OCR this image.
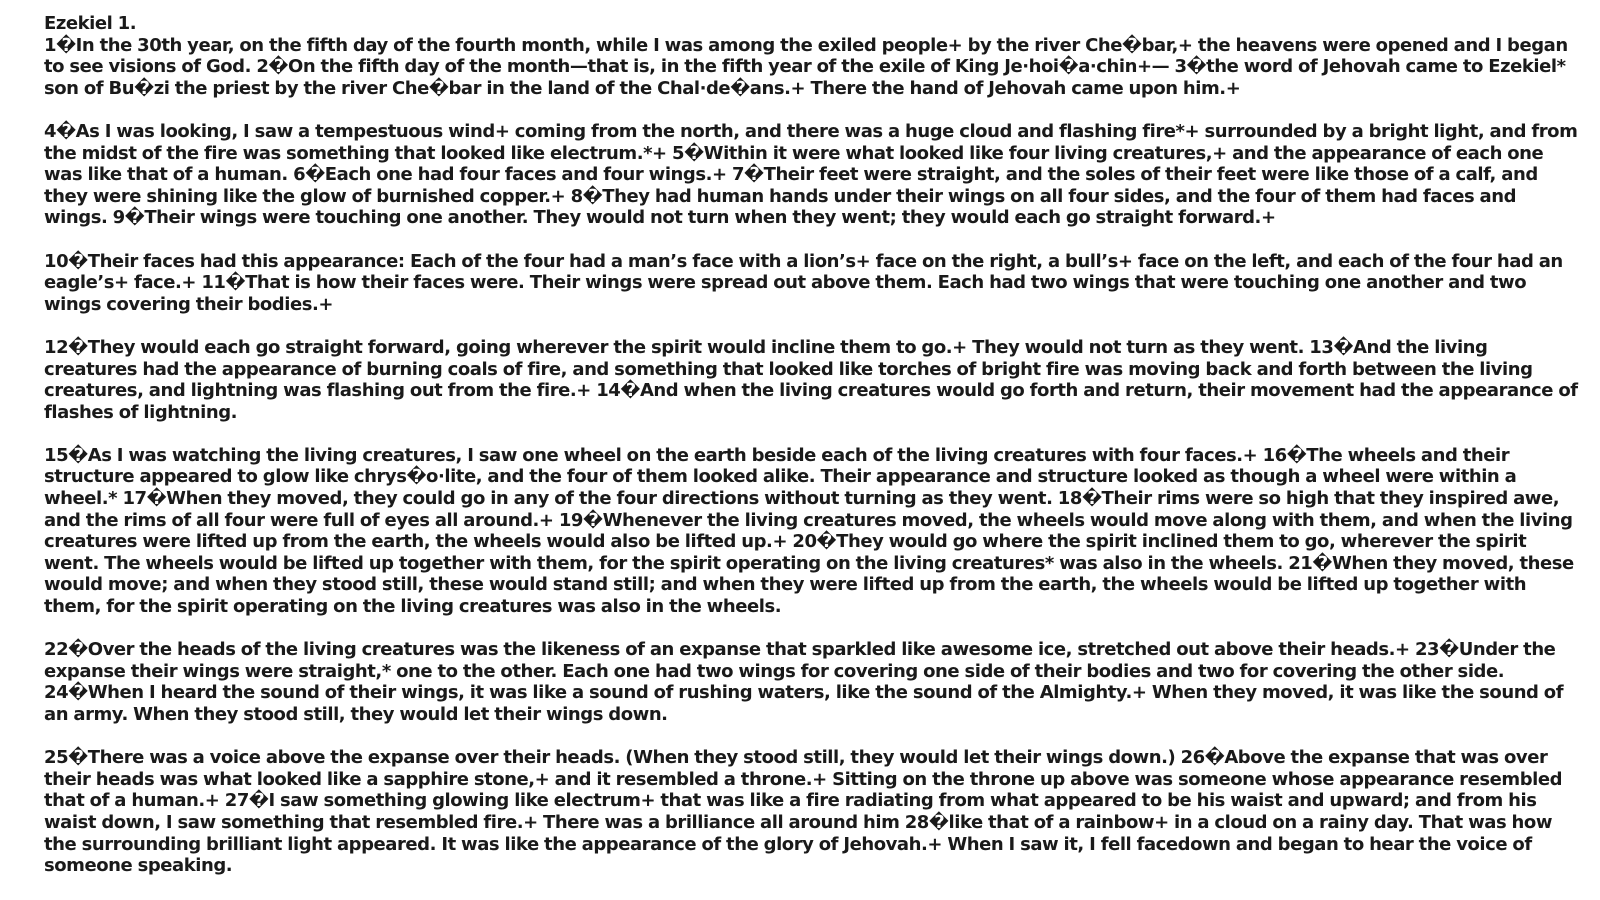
Ezekiel 1.

1�In the 30th year, on the fifth day of the fourth month, while I was among the exiled people+ by the river Che�bar,+ the heavens were opened and I began to see visions of God. 2�On the fifth day of the month—that is, in the fifth year of the exile of King Je·hoi�a·chin+— 3�the word of Jehovah came to Ezekiel* son of Bu�zi the priest by the river Che�bar in the land of the Chal·de�ans.+ There the hand of Jehovah came upon him.+

4�As I was looking, I saw a tempestuous wind+ coming from the north, and there was a huge cloud and flashing fire*+ surrounded by a bright light, and from the midst of the fire was something that looked like electrum.*+ 5�Within it were what looked like four living creatures,+ and the appearance of each one was like that of a human. 6�Each one had four faces and four wings.+ 7�Their feet were straight, and the soles of their feet were like those of a calf, and they were shining like the glow of burnished copper.+ 8�They had human hands under their wings on all four sides, and the four of them had faces and wings. 9�Their wings were touching one another. They would not turn when they went; they would each go straight forward.+

10�Their faces had this appearance: Each of the four had a man’s face with a lion’s+ face on the right, a bull’s+ face on the left, and each of the four had an eagle’s+ face.+ 11�That is how their faces were. Their wings were spread out above them. Each had two wings that were touching one another and two wings covering their bodies.+

12�They would each go straight forward, going wherever the spirit would incline them to go.+ They would not turn as they went. 13�And the living creatures had the appearance of burning coals of fire, and something that looked like torches of bright fire was moving back and forth between the living creatures, and lightning was flashing out from the fire.+ 14�And when the living creatures would go forth and return, their movement had the appearance of flashes of lightning.

15�As I was watching the living creatures, I saw one wheel on the earth beside each of the living creatures with four faces.+ 16�The wheels and their structure appeared to glow like chrys�o·lite, and the four of them looked alike. Their appearance and structure looked as though a wheel were within a wheel.* 17�When they moved, they could go in any of the four directions without turning as they went. 18�Their rims were so high that they inspired awe, and the rims of all four were full of eyes all around.+ 19�Whenever the living creatures moved, the wheels would move along with them, and when the living creatures were lifted up from the earth, the wheels would also be lifted up.+ 20�They would go where the spirit inclined them to go, wherever the spirit went. The wheels would be lifted up together with them, for the spirit operating on the living creatures* was also in the wheels. 21�When they moved, these would move; and when they stood still, these would stand still; and when they were lifted up from the earth, the wheels would be lifted up together with them, for the spirit operating on the living creatures was also in the wheels.

22�Over the heads of the living creatures was the likeness of an expanse that sparkled like awesome ice, stretched out above their heads.+ 23�Under the expanse their wings were straight,* one to the other. Each one had two wings for covering one side of their bodies and two for covering the other side. 24�When I heard the sound of their wings, it was like a sound of rushing waters, like the sound of the Almighty.+ When they moved, it was like the sound of an army. When they stood still, they would let their wings down.

25�There was a voice above the expanse over their heads. (When they stood still, they would let their wings down.) 26�Above the expanse that was over their heads was what looked like a sapphire stone,+ and it resembled a throne.+ Sitting on the throne up above was someone whose appearance resembled that of a human.+ 27�I saw something glowing like electrum+ that was like a fire radiating from what appeared to be his waist and upward; and from his waist down, I saw something that resembled fire.+ There was a brilliance all around him 28�like that of a rainbow+ in a cloud on a rainy day. That was how the surrounding brilliant light appeared. It was like the appearance of the glory of Jehovah.+ When I saw it, I fell facedown and began to hear the voice of someone speaking.
